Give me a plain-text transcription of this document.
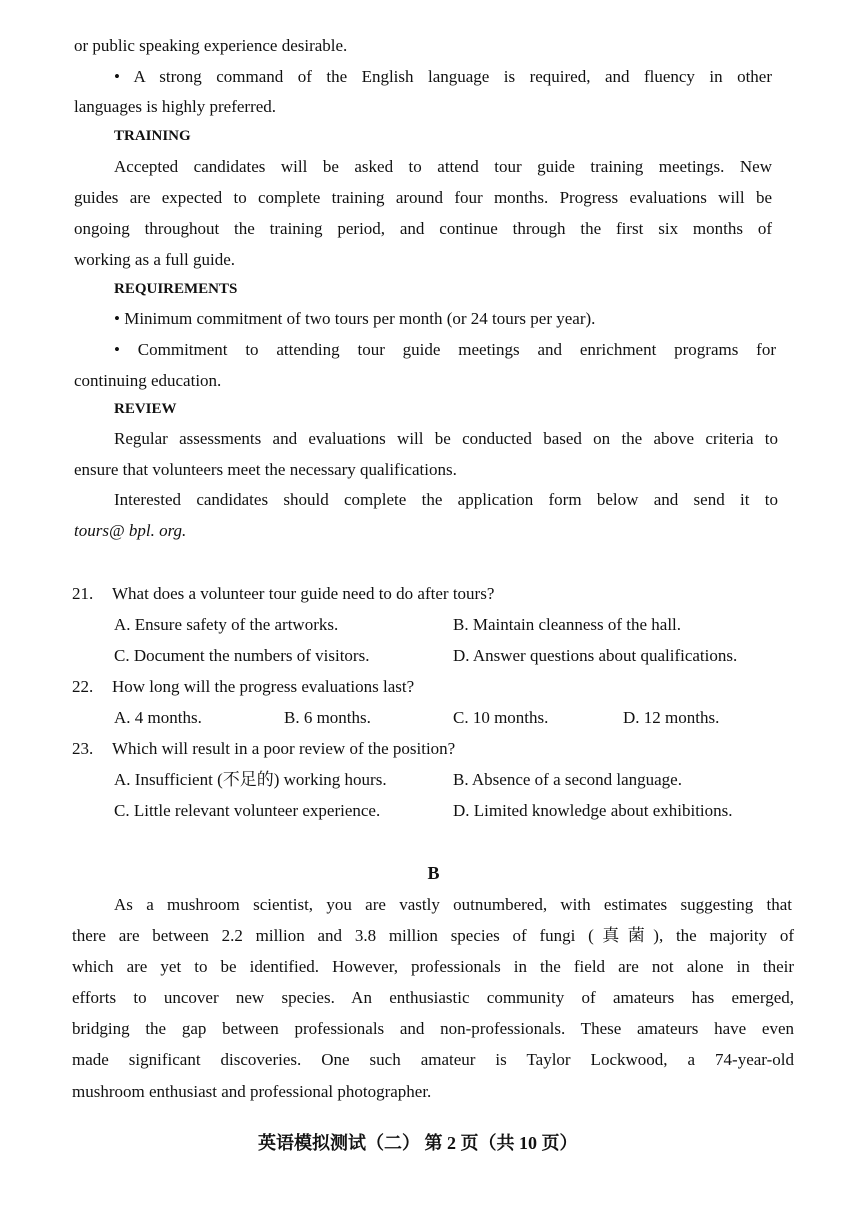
or public speaking experience desirable.
• A strong command of the English language is required, and fluency in other
languages is highly preferred.
TRAINING
Accepted candidates will be asked to attend tour guide training meetings. New
guides are expected to complete training around four months. Progress evaluations will be
ongoing throughout the training period, and continue through the first six months of
working as a full guide.
REQUIREMENTS
• Minimum commitment of two tours per month (or 24 tours per year).
• Commitment to attending tour guide meetings and enrichment programs for
continuing education.
REVIEW
Regular assessments and evaluations will be conducted based on the above criteria to
ensure that volunteers meet the necessary qualifications.
Interested candidates should complete the application form below and send it to
tours@ bpl. org.
21. What does a volunteer tour guide need to do after tours?
A. Ensure safety of the artworks.	B. Maintain cleanness of the hall.
C. Document the numbers of visitors.	D. Answer questions about qualifications.
22. How long will the progress evaluations last?
A. 4 months.	B. 6 months.	C. 10 months.	D. 12 months.
23. Which will result in a poor review of the position?
A. Insufficient (不足的) working hours.	B. Absence of a second language.
C. Little relevant volunteer experience.	D. Limited knowledge about exhibitions.
B
As a mushroom scientist, you are vastly outnumbered, with estimates suggesting that
there are between 2.2 million and 3.8 million species of fungi (真菌), the majority of
which are yet to be identified. However, professionals in the field are not alone in their
efforts to uncover new species. An enthusiastic community of amateurs has emerged,
bridging the gap between professionals and non-professionals. These amateurs have even
made significant discoveries. One such amateur is Taylor Lockwood, a 74-year-old
mushroom enthusiast and professional photographer.
英语模拟测试（二） 第 2 页（共 10 页）
